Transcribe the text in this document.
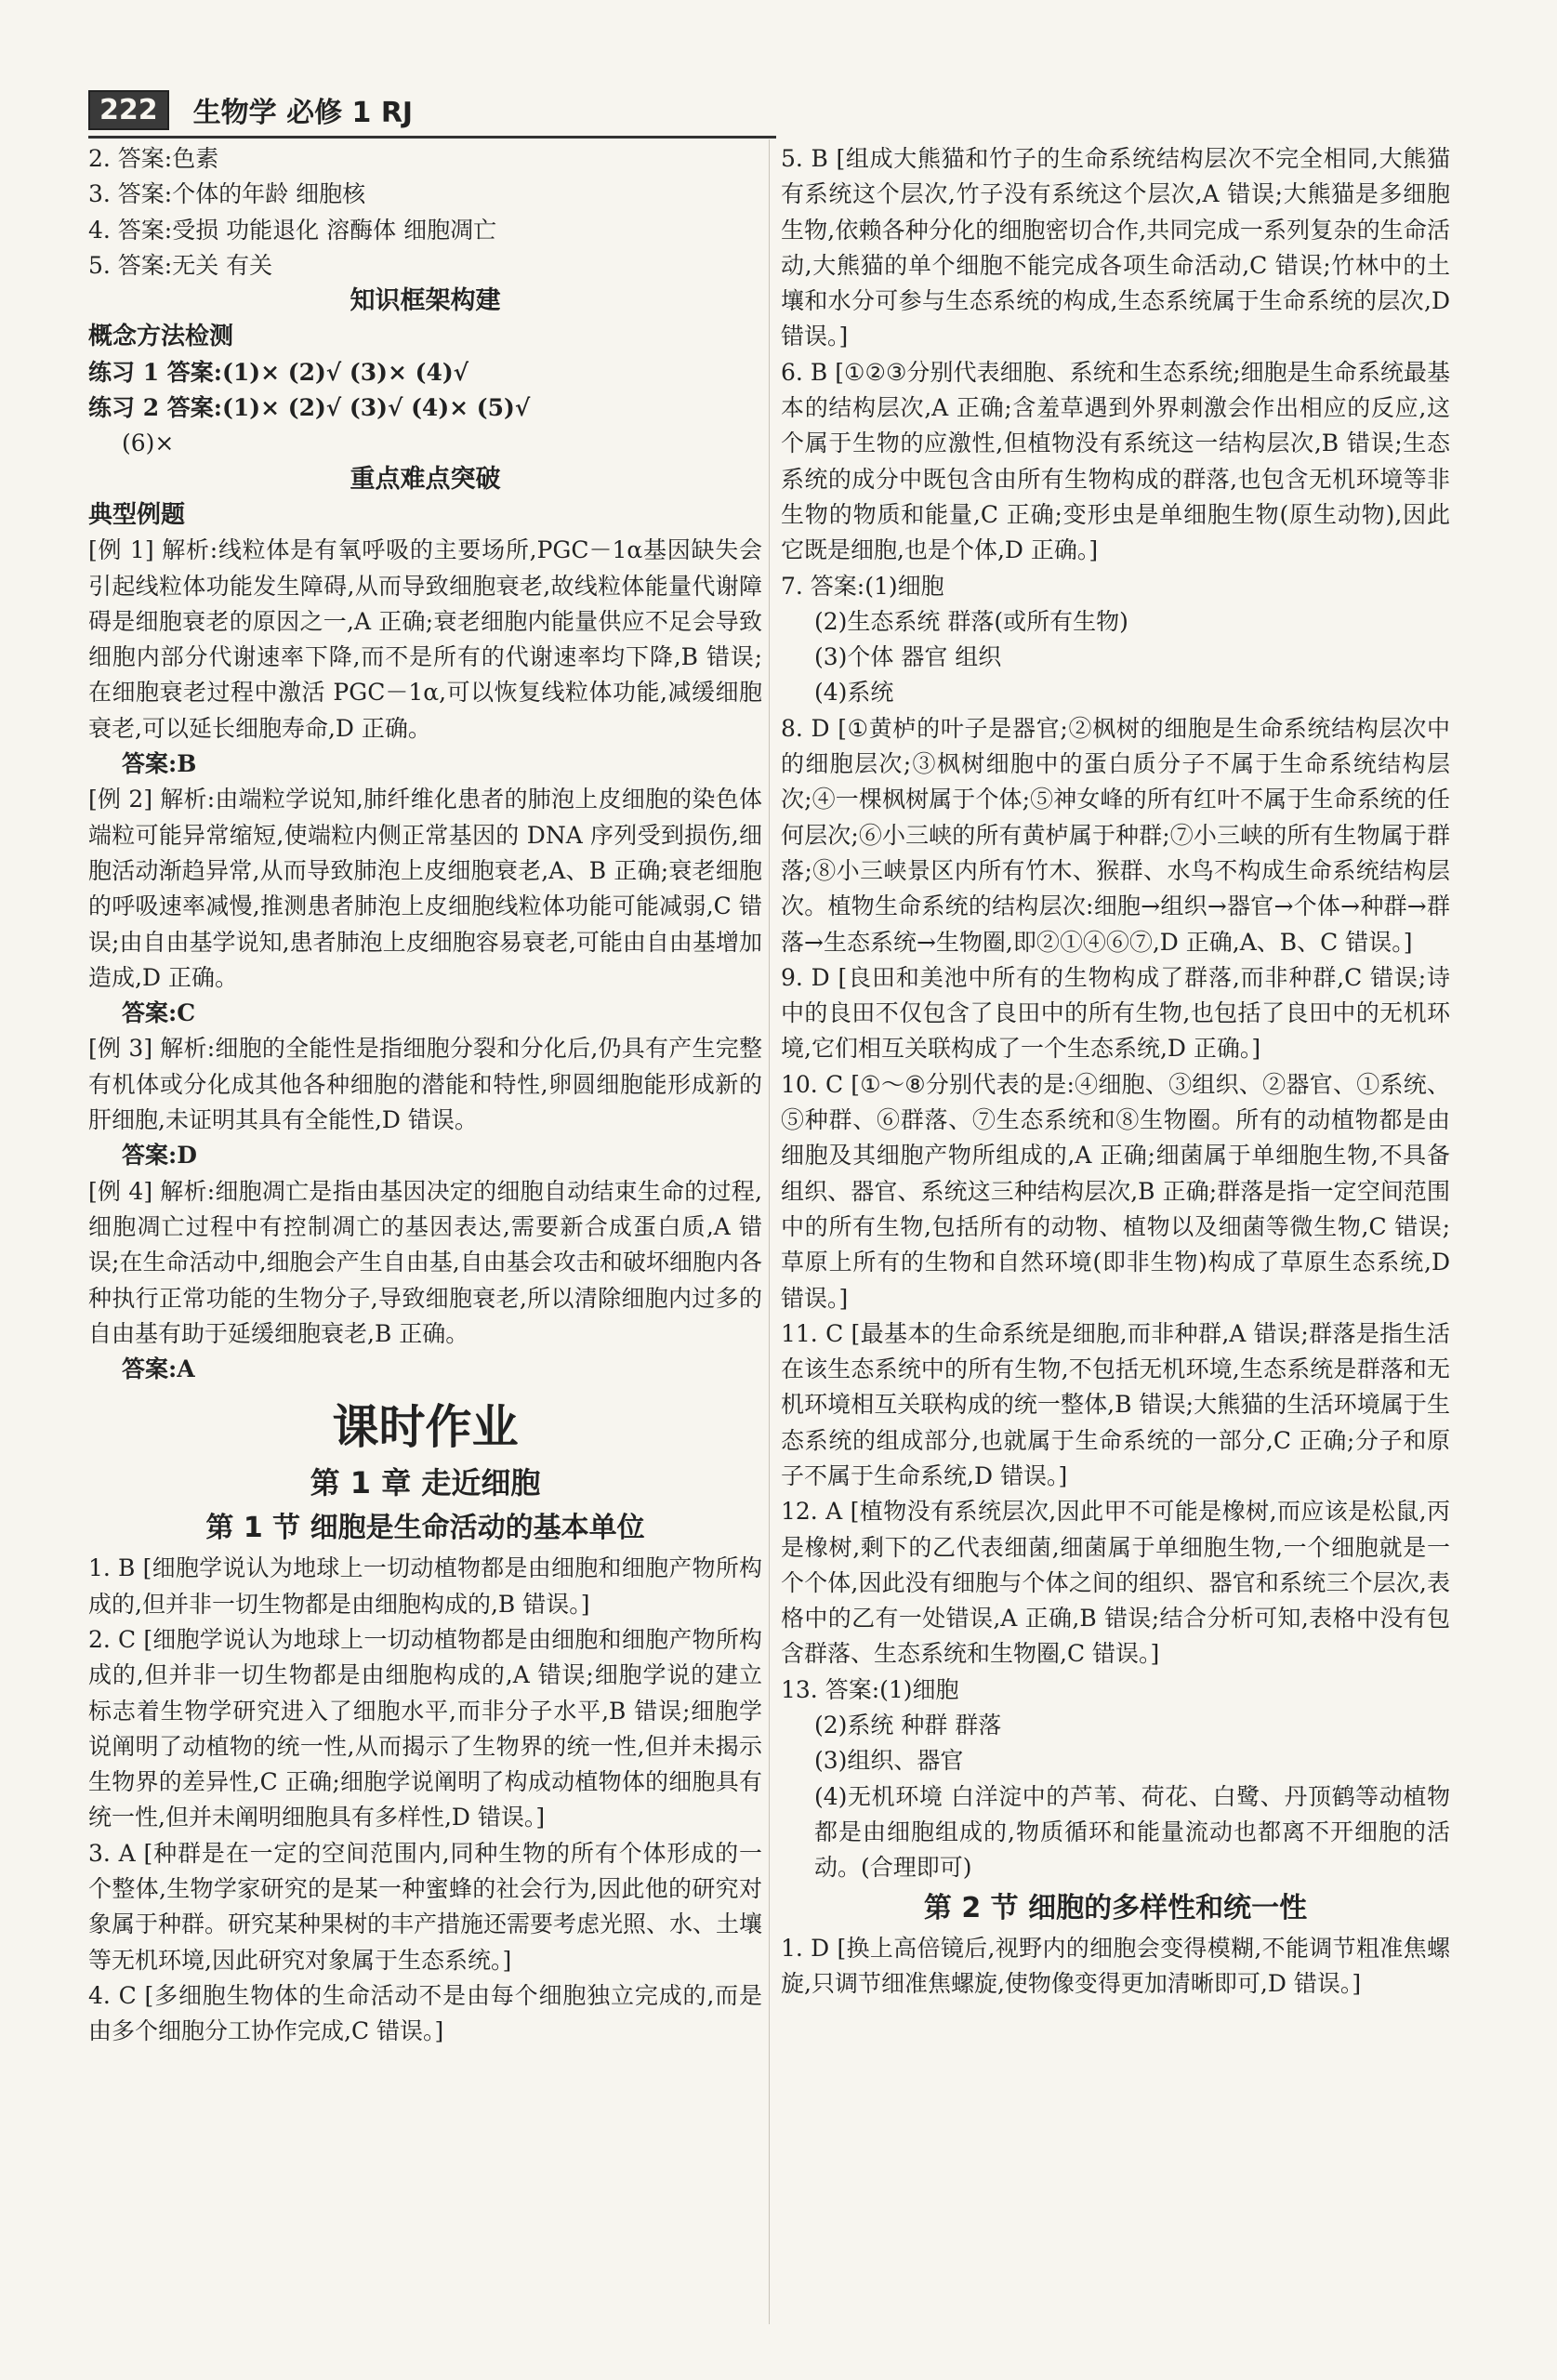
222	生物学 必修 1 RJ
2. 答案:色素
3. 答案:个体的年龄 细胞核
4. 答案:受损 功能退化 溶酶体 细胞凋亡
5. 答案:无关 有关
知识框架构建
概念方法检测
练习 1 答案:(1)× (2)√ (3)× (4)√
练习 2 答案:(1)× (2)√ (3)√ (4)× (5)√
(6)×
重点难点突破
典型例题
[例 1] 解析:线粒体是有氧呼吸的主要场所,PGC－1α基因缺失会引起线粒体功能发生障碍,从而导致细胞衰老,故线粒体能量代谢障碍是细胞衰老的原因之一,A 正确;衰老细胞内能量供应不足会导致细胞内部分代谢速率下降,而不是所有的代谢速率均下降,B 错误;在细胞衰老过程中激活 PGC－1α,可以恢复线粒体功能,减缓细胞衰老,可以延长细胞寿命,D 正确。
答案:B
[例 2] 解析:由端粒学说知,肺纤维化患者的肺泡上皮细胞的染色体端粒可能异常缩短,使端粒内侧正常基因的 DNA 序列受到损伤,细胞活动渐趋异常,从而导致肺泡上皮细胞衰老,A、B 正确;衰老细胞的呼吸速率减慢,推测患者肺泡上皮细胞线粒体功能可能减弱,C 错误;由自由基学说知,患者肺泡上皮细胞容易衰老,可能由自由基增加造成,D 正确。
答案:C
[例 3] 解析:细胞的全能性是指细胞分裂和分化后,仍具有产生完整有机体或分化成其他各种细胞的潜能和特性,卵圆细胞能形成新的肝细胞,未证明其具有全能性,D 错误。
答案:D
[例 4] 解析:细胞凋亡是指由基因决定的细胞自动结束生命的过程,细胞凋亡过程中有控制凋亡的基因表达,需要新合成蛋白质,A 错误;在生命活动中,细胞会产生自由基,自由基会攻击和破坏细胞内各种执行正常功能的生物分子,导致细胞衰老,所以清除细胞内过多的自由基有助于延缓细胞衰老,B 正确。
答案:A
课时作业
第 1 章 走近细胞
第 1 节 细胞是生命活动的基本单位
1. B [细胞学说认为地球上一切动植物都是由细胞和细胞产物所构成的,但并非一切生物都是由细胞构成的,B 错误。]
2. C [细胞学说认为地球上一切动植物都是由细胞和细胞产物所构成的,但并非一切生物都是由细胞构成的,A 错误;细胞学说的建立标志着生物学研究进入了细胞水平,而非分子水平,B 错误;细胞学说阐明了动植物的统一性,从而揭示了生物界的统一性,但并未揭示生物界的差异性,C 正确;细胞学说阐明了构成动植物体的细胞具有统一性,但并未阐明细胞具有多样性,D 错误。]
3. A [种群是在一定的空间范围内,同种生物的所有个体形成的一个整体,生物学家研究的是某一种蜜蜂的社会行为,因此他的研究对象属于种群。研究某种果树的丰产措施还需要考虑光照、水、土壤等无机环境,因此研究对象属于生态系统。]
4. C [多细胞生物体的生命活动不是由每个细胞独立完成的,而是由多个细胞分工协作完成,C 错误。]
5. B [组成大熊猫和竹子的生命系统结构层次不完全相同,大熊猫有系统这个层次,竹子没有系统这个层次,A 错误;大熊猫是多细胞生物,依赖各种分化的细胞密切合作,共同完成一系列复杂的生命活动,大熊猫的单个细胞不能完成各项生命活动,C 错误;竹林中的土壤和水分可参与生态系统的构成,生态系统属于生命系统的层次,D 错误。]
6. B [①②③分别代表细胞、系统和生态系统;细胞是生命系统最基本的结构层次,A 正确;含羞草遇到外界刺激会作出相应的反应,这个属于生物的应激性,但植物没有系统这一结构层次,B 错误;生态系统的成分中既包含由所有生物构成的群落,也包含无机环境等非生物的物质和能量,C 正确;变形虫是单细胞生物(原生动物),因此它既是细胞,也是个体,D 正确。]
7. 答案:(1)细胞
(2)生态系统 群落(或所有生物)
(3)个体 器官 组织
(4)系统
8. D [①黄栌的叶子是器官;②枫树的细胞是生命系统结构层次中的细胞层次;③枫树细胞中的蛋白质分子不属于生命系统结构层次;④一棵枫树属于个体;⑤神女峰的所有红叶不属于生命系统的任何层次;⑥小三峡的所有黄栌属于种群;⑦小三峡的所有生物属于群落;⑧小三峡景区内所有竹木、猴群、水鸟不构成生命系统结构层次。植物生命系统的结构层次:细胞→组织→器官→个体→种群→群落→生态系统→生物圈,即②①④⑥⑦,D 正确,A、B、C 错误。]
9. D [良田和美池中所有的生物构成了群落,而非种群,C 错误;诗中的良田不仅包含了良田中的所有生物,也包括了良田中的无机环境,它们相互关联构成了一个生态系统,D 正确。]
10. C [①～⑧分别代表的是:④细胞、③组织、②器官、①系统、⑤种群、⑥群落、⑦生态系统和⑧生物圈。所有的动植物都是由细胞及其细胞产物所组成的,A 正确;细菌属于单细胞生物,不具备组织、器官、系统这三种结构层次,B 正确;群落是指一定空间范围中的所有生物,包括所有的动物、植物以及细菌等微生物,C 错误;草原上所有的生物和自然环境(即非生物)构成了草原生态系统,D 错误。]
11. C [最基本的生命系统是细胞,而非种群,A 错误;群落是指生活在该生态系统中的所有生物,不包括无机环境,生态系统是群落和无机环境相互关联构成的统一整体,B 错误;大熊猫的生活环境属于生态系统的组成部分,也就属于生命系统的一部分,C 正确;分子和原子不属于生命系统,D 错误。]
12. A [植物没有系统层次,因此甲不可能是橡树,而应该是松鼠,丙是橡树,剩下的乙代表细菌,细菌属于单细胞生物,一个细胞就是一个个体,因此没有细胞与个体之间的组织、器官和系统三个层次,表格中的乙有一处错误,A 正确,B 错误;结合分析可知,表格中没有包含群落、生态系统和生物圈,C 错误。]
13. 答案:(1)细胞
(2)系统 种群 群落
(3)组织、器官
(4)无机环境 白洋淀中的芦苇、荷花、白鹭、丹顶鹤等动植物都是由细胞组成的,物质循环和能量流动也都离不开细胞的活动。(合理即可)
第 2 节 细胞的多样性和统一性
1. D [换上高倍镜后,视野内的细胞会变得模糊,不能调节粗准焦螺旋,只调节细准焦螺旋,使物像变得更加清晰即可,D 错误。]
